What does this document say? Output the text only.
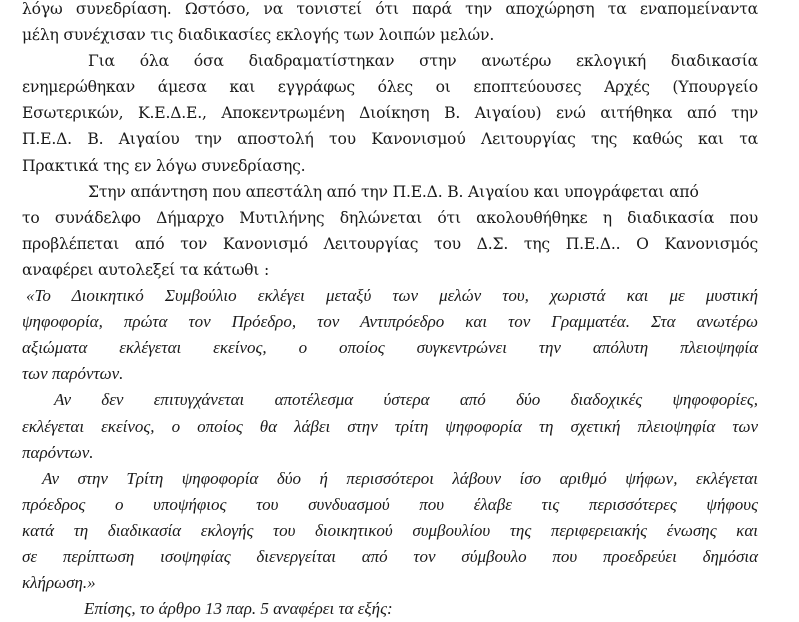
λόγω συνεδρίαση. Ωστόσο, να τονιστεί ότι παρά την αποχώρηση τα εναπομείναντα
μέλη συνέχισαν τις διαδικασίες εκλογής των λοιπών μελών.
Για όλα όσα διαδραματίστηκαν στην ανωτέρω εκλογική διαδικασία
ενημερώθηκαν άμεσα και εγγράφως όλες οι εποπτεύουσες Αρχές (Υπουργείο
Εσωτερικών, Κ.Ε.Δ.Ε., Αποκεντρωμένη Διοίκηση Β. Αιγαίου) ενώ αιτήθηκα από την
Π.Ε.Δ. Β. Αιγαίου την αποστολή του Κανονισμού Λειτουργίας της καθώς και τα
Πρακτικά της εν λόγω συνεδρίασης.
Στην απάντηση που απεστάλη από την Π.Ε.Δ. Β. Αιγαίου και υπογράφεται από
το συνάδελφο Δήμαρχο Μυτιλήνης δηλώνεται ότι ακολουθήθηκε η διαδικασία που
προβλέπεται από τον Κανονισμό Λειτουργίας του Δ.Σ. της Π.Ε.Δ.. Ο Κανονισμός
αναφέρει αυτολεξεί τα κάτωθι :
«Το Διοικητικό Συμβούλιο εκλέγει μεταξύ των μελών του, χωριστά και με μυστική
ψηφοφορία, πρώτα τον Πρόεδρο, τον Αντιπρόεδρο και τον Γραμματέα. Στα ανωτέρω
αξιώματα εκλέγεται εκείνος, ο οποίος συγκεντρώνει την απόλυτη πλειοψηφία
των παρόντων.
Αν δεν επιτυγχάνεται αποτέλεσμα ύστερα από δύο διαδοχικές ψηφοφορίες,
εκλέγεται εκείνος, ο οποίος θα λάβει στην τρίτη ψηφοφορία τη σχετική πλειοψηφία των
παρόντων.
Αν στην Τρίτη ψηφοφορία δύο ή περισσότεροι λάβουν ίσο αριθμό ψήφων, εκλέγεται
πρόεδρος ο υποψήφιος του συνδυασμού που έλαβε τις περισσότερες ψήφους
κατά τη διαδικασία εκλογής του διοικητικού συμβουλίου της περιφερειακής ένωσης και
σε περίπτωση ισοψηφίας διενεργείται από τον σύμβουλο που προεδρεύει δημόσια
κλήρωση.»
Επίσης, το άρθρο 13 παρ. 5 αναφέρει τα εξής:
